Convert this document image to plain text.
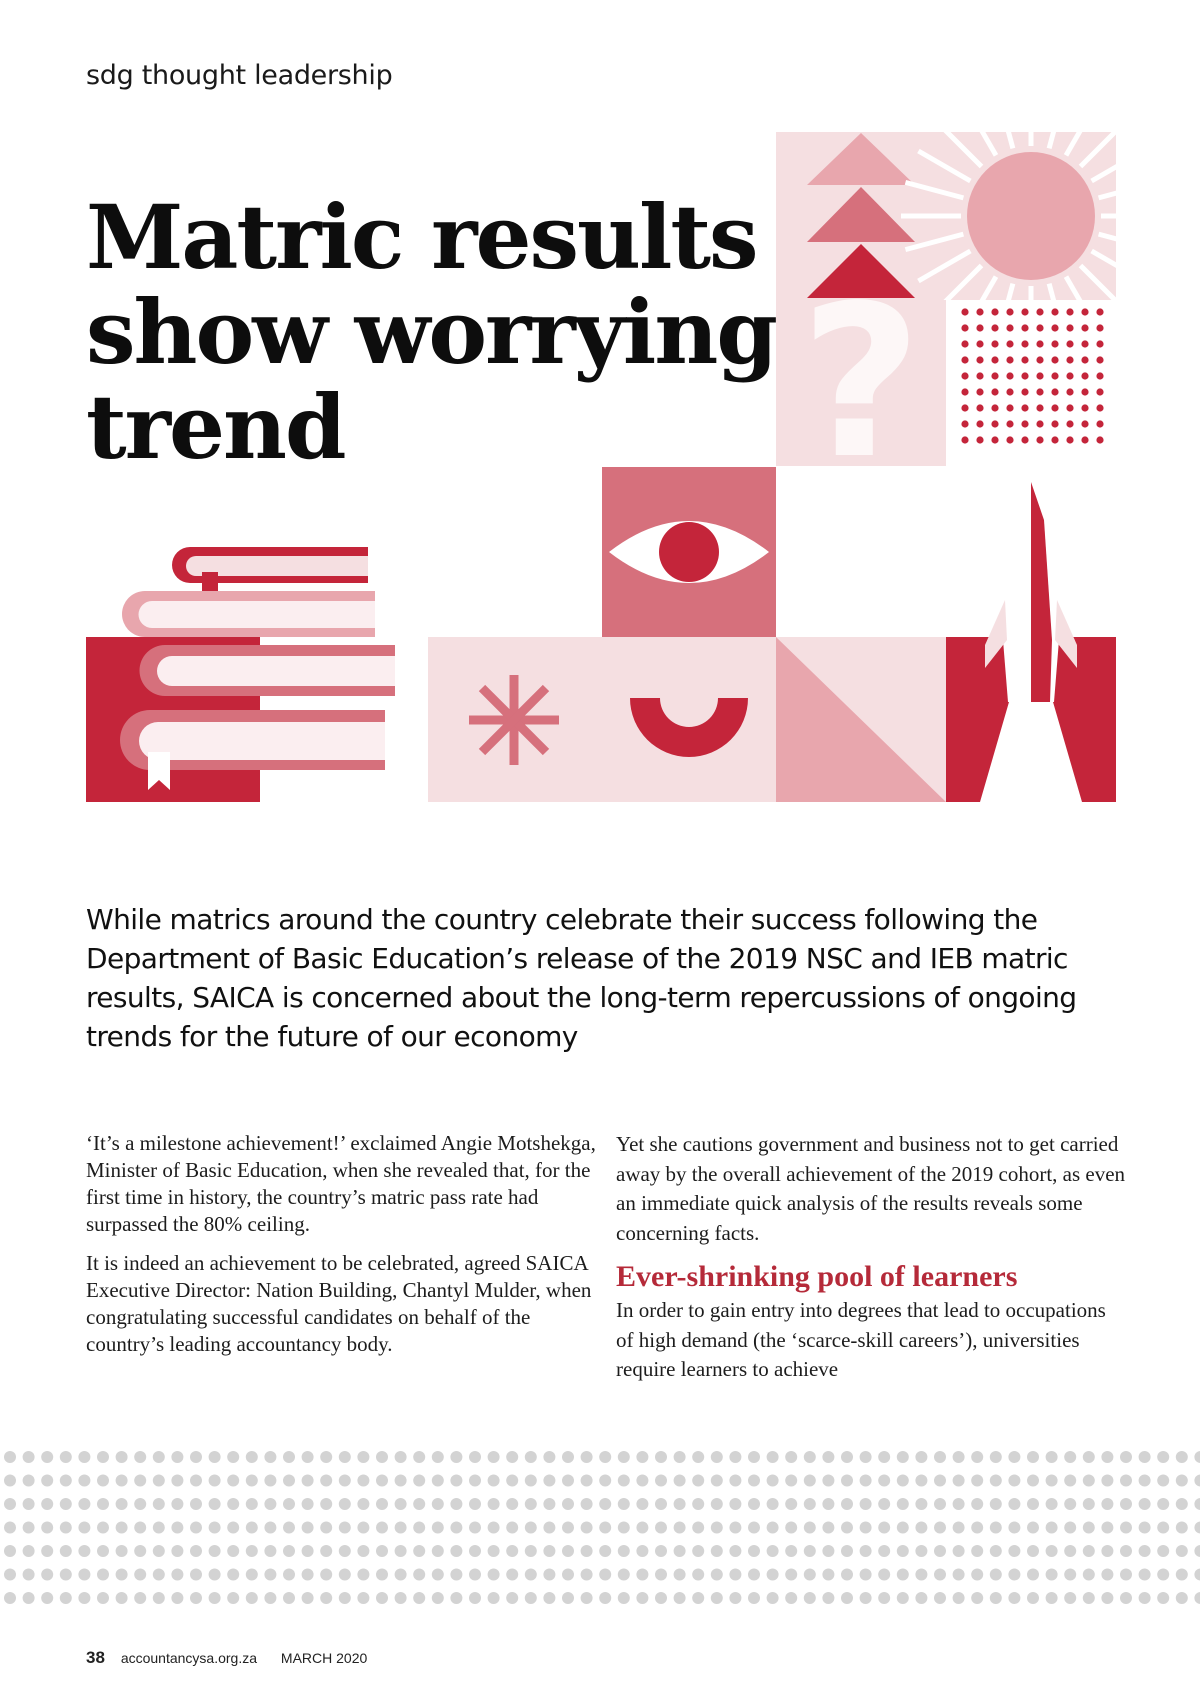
sdg thought leadership
Matric results
show worrying
trend	?

While matrics around the country celebrate their success following the Department of Basic Education’s release of the 2019 NSC and IEB matric results, SAICA is concerned about the long-term repercussions of ongoing trends for the future of our economy

‘It’s a milestone achievement!’ exclaimed Angie Motshekga, Minister of Basic Education, when she revealed that, for the first time in history, the country’s matric pass rate had surpassed the 80% ceiling.

It is indeed an achievement to be celebrated, agreed SAICA Executive Director: Nation Building, Chantyl Mulder, when congratulating successful candidates on behalf of the country’s leading accountancy body.

Yet she cautions government and business not to get carried away by the overall achievement of the 2019 cohort, as even an immediate quick analysis of the results reveals some concerning facts.

Ever-shrinking pool of learners

In order to gain entry into degrees that lead to occupations of high demand (the ‘scarce-skill careers’), universities require learners to achieve

38 accountancysa.org.za MARCH 2020
